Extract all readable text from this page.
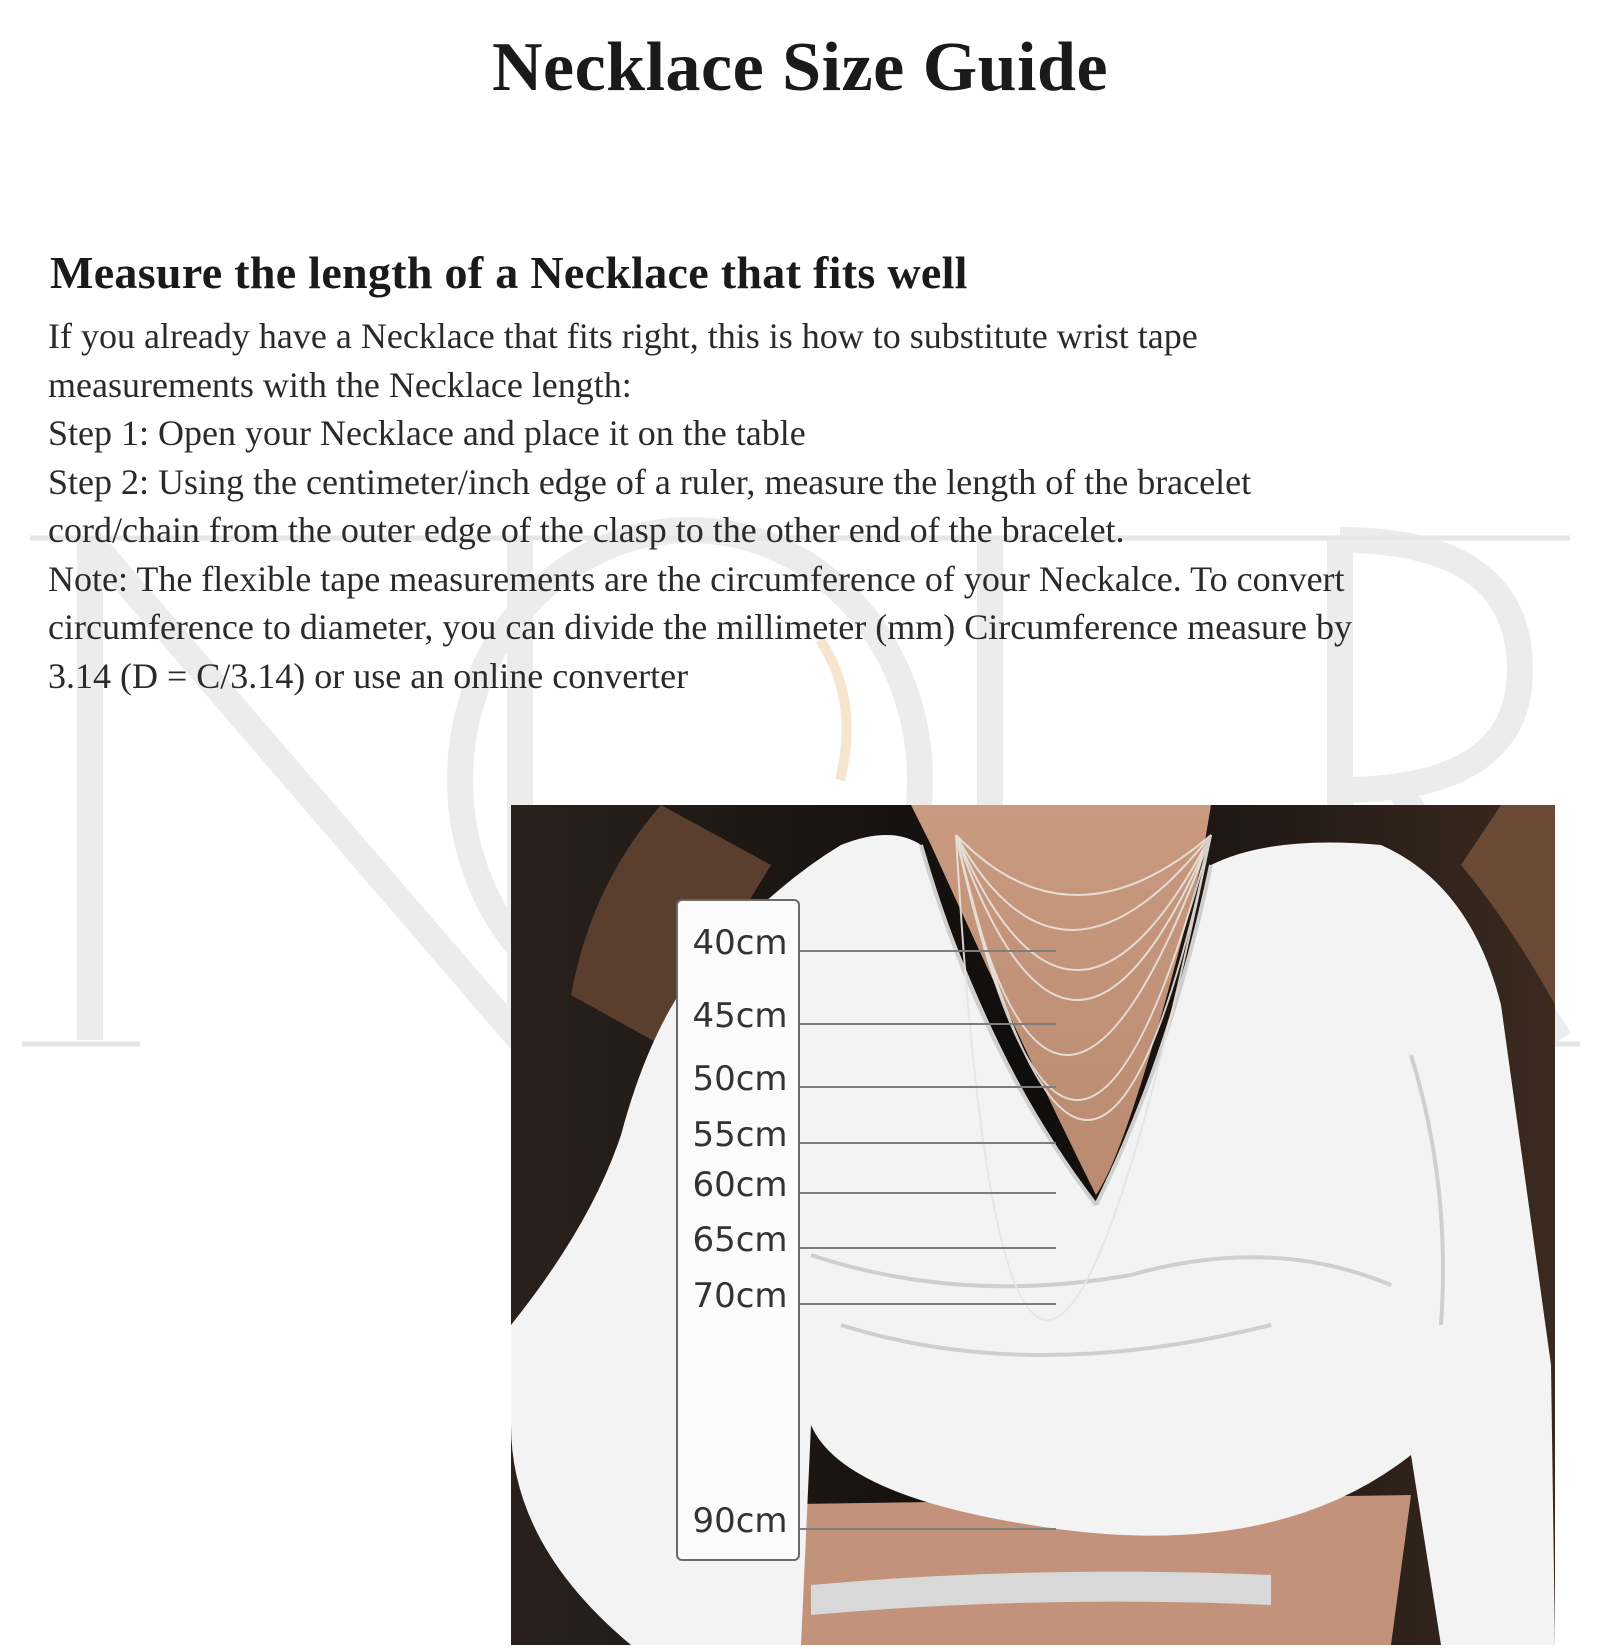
Necklace Size Guide
Measure the length of a Necklace that fits well

If you already have a Necklace that fits right, this is how to substitute wrist tape

measurements with the Necklace length:

Step 1: Open your Necklace and place it on the table

Step 2: Using the centimeter/inch edge of a ruler, measure the length of the bracelet

cord/chain from the outer edge of the clasp to the other end of the bracelet.

Note: The flexible tape measurements are the circumference of your Neckalce. To convert

circumference to diameter, you can divide the millimeter (mm) Circumference measure by

3.14 (D = C/3.14) or use an online converter

40cm
45cm
50cm
55cm
60cm
65cm
70cm
90cm
